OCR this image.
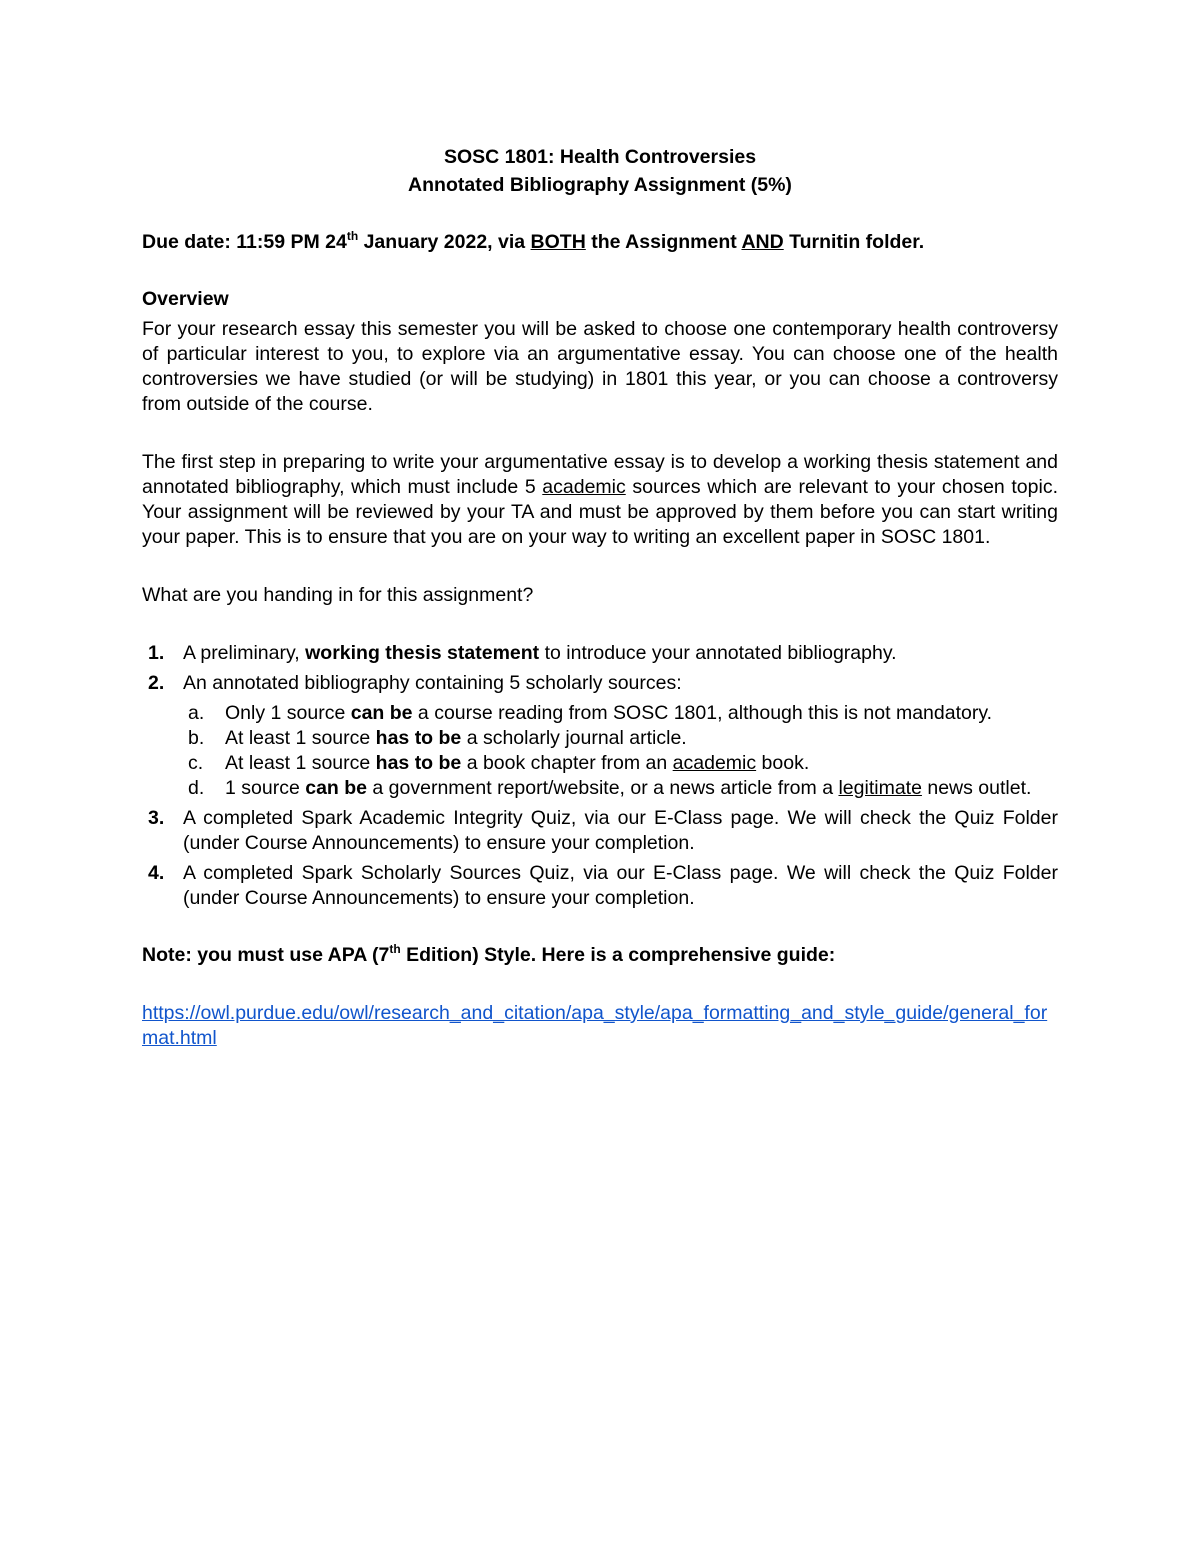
SOSC 1801: Health Controversies
Annotated Bibliography Assignment (5%)
Due date: 11:59 PM 24th January 2022, via BOTH the Assignment AND Turnitin folder.
Overview

For your research essay this semester you will be asked to choose one contemporary health controversy of particular interest to you, to explore via an argumentative essay. You can choose one of the health controversies we have studied (or will be studying) in 1801 this year, or you can choose a controversy from outside of the course.

The first step in preparing to write your argumentative essay is to develop a working thesis statement and annotated bibliography, which must include 5 academic sources which are relevant to your chosen topic. Your assignment will be reviewed by your TA and must be approved by them before you can start writing your paper. This is to ensure that you are on your way to writing an excellent paper in SOSC 1801.

What are you handing in for this assignment?

1. A preliminary, working thesis statement to introduce your annotated bibliography.
2. An annotated bibliography containing 5 scholarly sources:
a. Only 1 source can be a course reading from SOSC 1801, although this is not mandatory.
b. At least 1 source has to be a scholarly journal article.
c. At least 1 source has to be a book chapter from an academic book.
d. 1 source can be a government report/website, or a news article from a legitimate news outlet.
3. A completed Spark Academic Integrity Quiz, via our E-Class page. We will check the Quiz Folder (under Course Announcements) to ensure your completion.
4. A completed Spark Scholarly Sources Quiz, via our E-Class page. We will check the Quiz Folder (under Course Announcements) to ensure your completion.
Note: you must use APA (7th Edition) Style. Here is a comprehensive guide:
https://owl.purdue.edu/owl/research_and_citation/apa_style/apa_formatting_and_style_guide/general_format.html
